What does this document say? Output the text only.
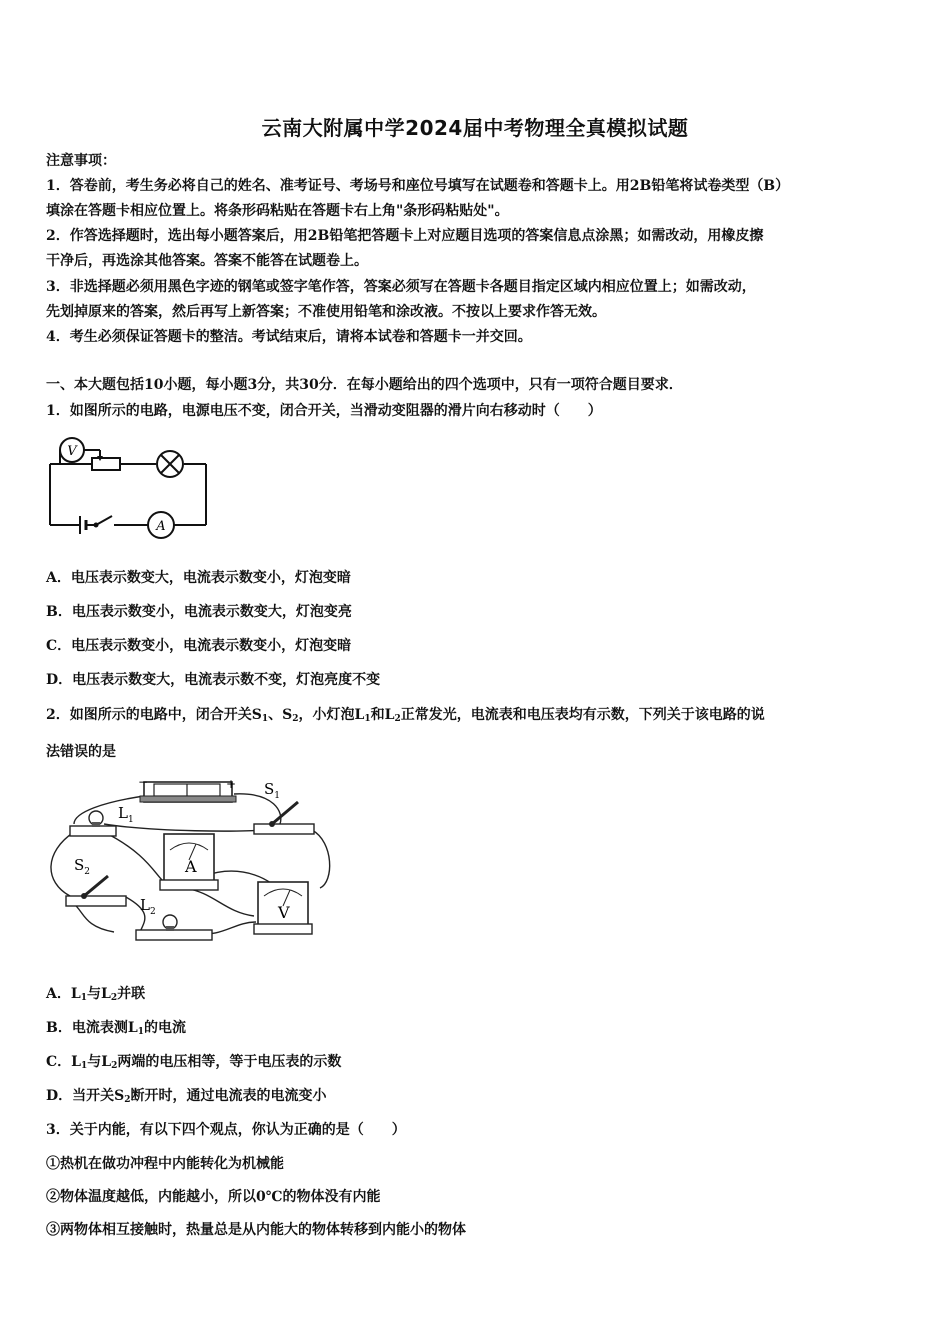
云南大附属中学2024届中考物理全真模拟试题
注意事项：
1．答卷前，考生务必将自己的姓名、准考证号、考场号和座位号填写在试题卷和答题卡上。用2B铅笔将试卷类型（B）
填涂在答题卡相应位置上。将条形码粘贴在答题卡右上角"条形码粘贴处"。
2．作答选择题时，选出每小题答案后，用2B铅笔把答题卡上对应题目选项的答案信息点涂黑；如需改动，用橡皮擦
干净后，再选涂其他答案。答案不能答在试题卷上。
3．非选择题必须用黑色字迹的钢笔或签字笔作答，答案必须写在答题卡各题目指定区域内相应位置上；如需改动，
先划掉原来的答案，然后再写上新答案；不准使用铅笔和涂改液。不按以上要求作答无效。
4．考生必须保证答题卡的整洁。考试结束后，请将本试卷和答题卡一并交回。
一、本大题包括10小题，每小题3分，共30分．在每小题给出的四个选项中，只有一项符合题目要求．
1．如图所示的电路，电源电压不变，闭合开关，当滑动变阻器的滑片向右移动时（　　）
V
A
A．电压表示数变大，电流表示数变小，灯泡变暗
B．电压表示数变小，电流表示数变大，灯泡变亮
C．电压表示数变小，电流表示数变小，灯泡变暗
D．电压表示数变大，电流表示数不变，灯泡亮度不变
2．如图所示的电路中，闭合开关$S_1$、$S_2$，小灯泡$L_1$和$L_2$正常发光，电流表和电压表均有示数，下列关于该电路的说
法错误的是
−	+ $S_1$
$L_1$
A
$S_2$
$L_2$	V
A．$L_1$与$L_2$并联
B．电流表测$L_1$的电流
C．$L_1$与$L_2$两端的电压相等，等于电压表的示数
D．当开关$S_2$断开时，通过电流表的电流变小
3．关于内能，有以下四个观点，你认为正确的是（　　）
①热机在做功冲程中内能转化为机械能
②物体温度越低，内能越小，所以0℃的物体没有内能
③两物体相互接触时，热量总是从内能大的物体转移到内能小的物体
